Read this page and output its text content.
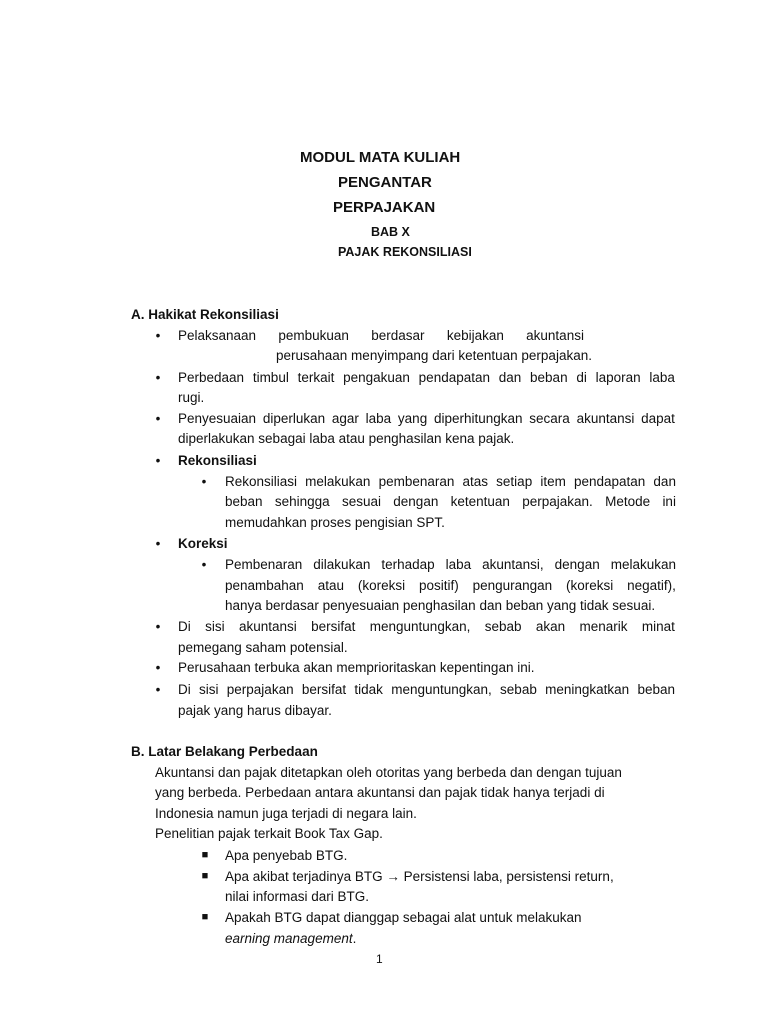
MODUL MATA KULIAH
PENGANTAR
PERPAJAKAN
BAB X
PAJAK REKONSILIASI
A. Hakikat Rekonsiliasi
• Pelaksanaan pembukuan berdasar kebijakan akuntansi
perusahaan menyimpang dari ketentuan perpajakan.
• Perbedaan timbul terkait pengakuan pendapatan dan beban di laporan laba
rugi.
• Penyesuaian diperlukan agar laba yang diperhitungkan secara akuntansi dapat
diperlakukan sebagai laba atau penghasilan kena pajak.
• Rekonsiliasi
• Rekonsiliasi melakukan pembenaran atas setiap item pendapatan dan
beban sehingga sesuai dengan ketentuan perpajakan. Metode ini
memudahkan proses pengisian SPT.
• Koreksi
• Pembenaran dilakukan terhadap laba akuntansi, dengan melakukan
penambahan atau (koreksi positif) pengurangan (koreksi negatif),
hanya berdasar penyesuaian penghasilan dan beban yang tidak sesuai.
• Di sisi akuntansi bersifat menguntungkan, sebab akan menarik minat
pemegang saham potensial.
• Perusahaan terbuka akan memprioritaskan kepentingan ini.
• Di sisi perpajakan bersifat tidak menguntungkan, sebab meningkatkan beban
pajak yang harus dibayar.
B. Latar Belakang Perbedaan
Akuntansi dan pajak ditetapkan oleh otoritas yang berbeda dan dengan tujuan
yang berbeda. Perbedaan antara akuntansi dan pajak tidak hanya terjadi di
Indonesia namun juga terjadi di negara lain.
Penelitian pajak terkait Book Tax Gap.
■ Apa penyebab BTG.
■ Apa akibat terjadinya BTG → Persistensi laba, persistensi return,
nilai informasi dari BTG.
■ Apakah BTG dapat dianggap sebagai alat untuk melakukan
earning management.
1
